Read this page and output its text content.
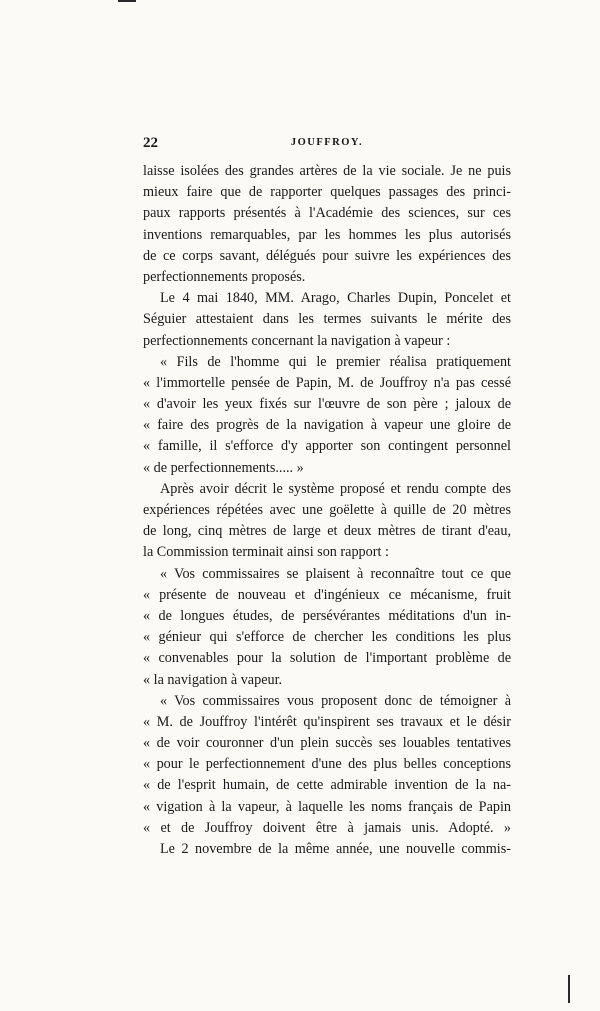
22	JOUFFROY.
laisse isolées des grandes artères de la vie sociale. Je ne puis
mieux faire que de rapporter quelques passages des princi-
paux rapports présentés à l'Académie des sciences, sur ces
inventions remarquables, par les hommes les plus autorisés
de ce corps savant, délégués pour suivre les expériences des
perfectionnements proposés.
Le 4 mai 1840, MM. Arago, Charles Dupin, Poncelet et
Séguier attestaient dans les termes suivants le mérite des
perfectionnements concernant la navigation à vapeur :
« Fils de l'homme qui le premier réalisa pratiquement
« l'immortelle pensée de Papin, M. de Jouffroy n'a pas cessé
« d'avoir les yeux fixés sur l'œuvre de son père ; jaloux de
« faire des progrès de la navigation à vapeur une gloire de
« famille, il s'efforce d'y apporter son contingent personnel
« de perfectionnements..... »
Après avoir décrit le système proposé et rendu compte des
expériences répétées avec une goëlette à quille de 20 mètres
de long, cinq mètres de large et deux mètres de tirant d'eau,
la Commission terminait ainsi son rapport :
« Vos commissaires se plaisent à reconnaître tout ce que
« présente de nouveau et d'ingénieux ce mécanisme, fruit
« de longues études, de persévérantes méditations d'un in-
« génieur qui s'efforce de chercher les conditions les plus
« convenables pour la solution de l'important problème de
« la navigation à vapeur.
« Vos commissaires vous proposent donc de témoigner à
« M. de Jouffroy l'intérêt qu'inspirent ses travaux et le désir
« de voir couronner d'un plein succès ses louables tentatives
« pour le perfectionnement d'une des plus belles conceptions
« de l'esprit humain, de cette admirable invention de la na-
« vigation à la vapeur, à laquelle les noms français de Papin
« et de Jouffroy doivent être à jamais unis. Adopté. »
Le 2 novembre de la même année, une nouvelle commis-
